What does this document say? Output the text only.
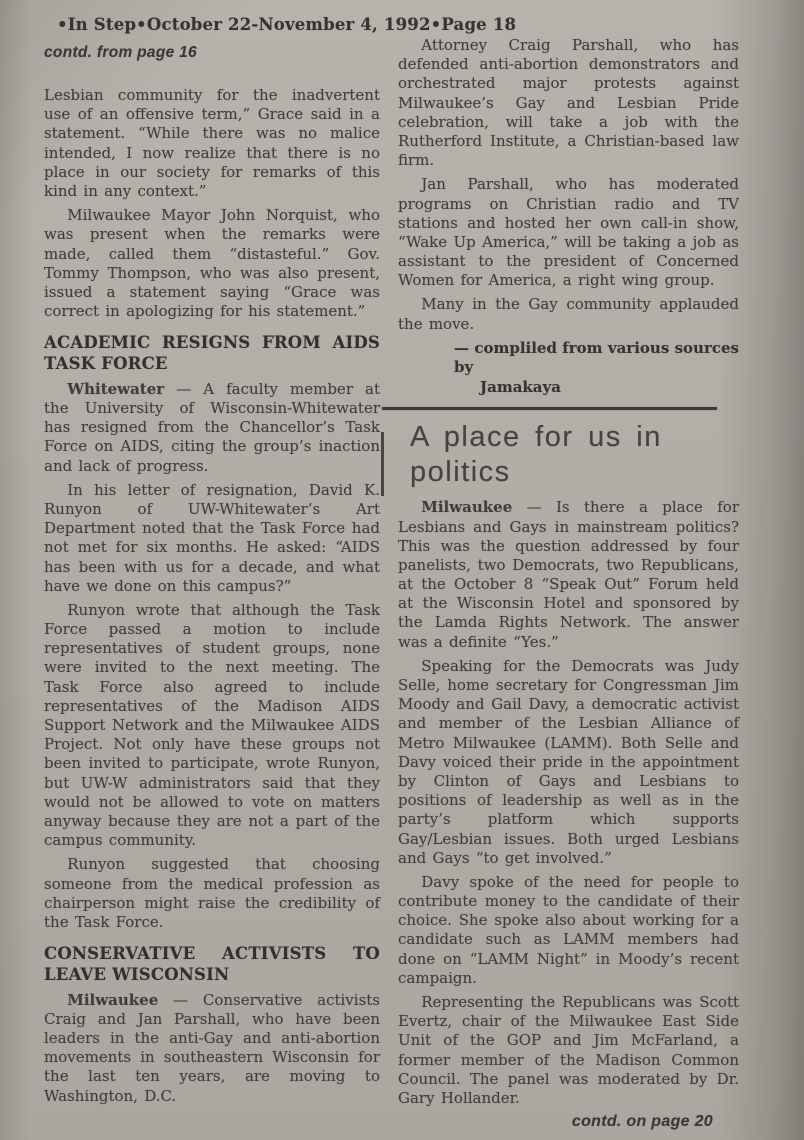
•In Step•October 22-November 4, 1992•Page 18
contd. from page 16

Lesbian community for the inadvertent use of an offensive term,” Grace said in a statement. “While there was no malice intended, I now realize that there is no place in our society for remarks of this kind in any context.”

Milwaukee Mayor John Norquist, who was present when the remarks were made, called them “distasteful.” Gov. Tommy Thompson, who was also present, issued a statement saying “Grace was correct in apologizing for his statement.”

ACADEMIC RESIGNS FROM AIDS TASK FORCE

Whitewater — A faculty member at the University of Wisconsin-Whitewater has resigned from the Chancellor’s Task Force on AIDS, citing the group’s inaction and lack of progress.

In his letter of resignation, David K. Runyon of UW-Whitewater’s Art Department noted that the Task Force had not met for six months. He asked: “AIDS has been with us for a decade, and what have we done on this campus?”

Runyon wrote that although the Task Force passed a motion to include representatives of student groups, none were invited to the next meeting. The Task Force also agreed to include representatives of the Madison AIDS Support Network and the Milwaukee AIDS Project. Not only have these groups not been invited to participate, wrote Runyon, but UW-W administrators said that they would not be allowed to vote on matters anyway because they are not a part of the campus community.

Runyon suggested that choosing someone from the medical profession as chairperson might raise the credibility of the Task Force.

CONSERVATIVE ACTIVISTS TO LEAVE WISCONSIN

Milwaukee — Conservative activists Craig and Jan Parshall, who have been leaders in the anti-Gay and anti-abortion movements in southeastern Wisconsin for the last ten years, are moving to Washington, D.C.

Attorney Craig Parshall, who has defended anti-abortion demonstrators and orchestrated major protests against Milwaukee’s Gay and Lesbian Pride celebration, will take a job with the Rutherford Institute, a Christian-based law firm.

Jan Parshall, who has moderated programs on Christian radio and TV stations and hosted her own call-in show, “Wake Up America,” will be taking a job as assistant to the president of Concerned Women for America, a right wing group.

Many in the Gay community applauded the move.

— compliled from various sources by
Jamakaya
A place for us in politics

Milwaukee — Is there a place for Lesbians and Gays in mainstream politics? This was the question addressed by four panelists, two Democrats, two Republicans, at the October 8 “Speak Out” Forum held at the Wisconsin Hotel and sponsored by the Lamda Rights Network. The answer was a definite “Yes.”

Speaking for the Democrats was Judy Selle, home secretary for Congressman Jim Moody and Gail Davy, a democratic activist and member of the Lesbian Alliance of Metro Milwaukee (LAMM). Both Selle and Davy voiced their pride in the appointment by Clinton of Gays and Lesbians to positions of leadership as well as in the party’s platform which supports Gay/Lesbian issues. Both urged Lesbians and Gays “to get involved.”

Davy spoke of the need for people to contribute money to the candidate of their choice. She spoke also about working for a candidate such as LAMM members had done on “LAMM Night” in Moody’s recent campaign.

Representing the Republicans was Scott Evertz, chair of the Milwaukee East Side Unit of the GOP and Jim McFarland, a former member of the Madison Common Council. The panel was moderated by Dr. Gary Hollander.

contd. on page 20
